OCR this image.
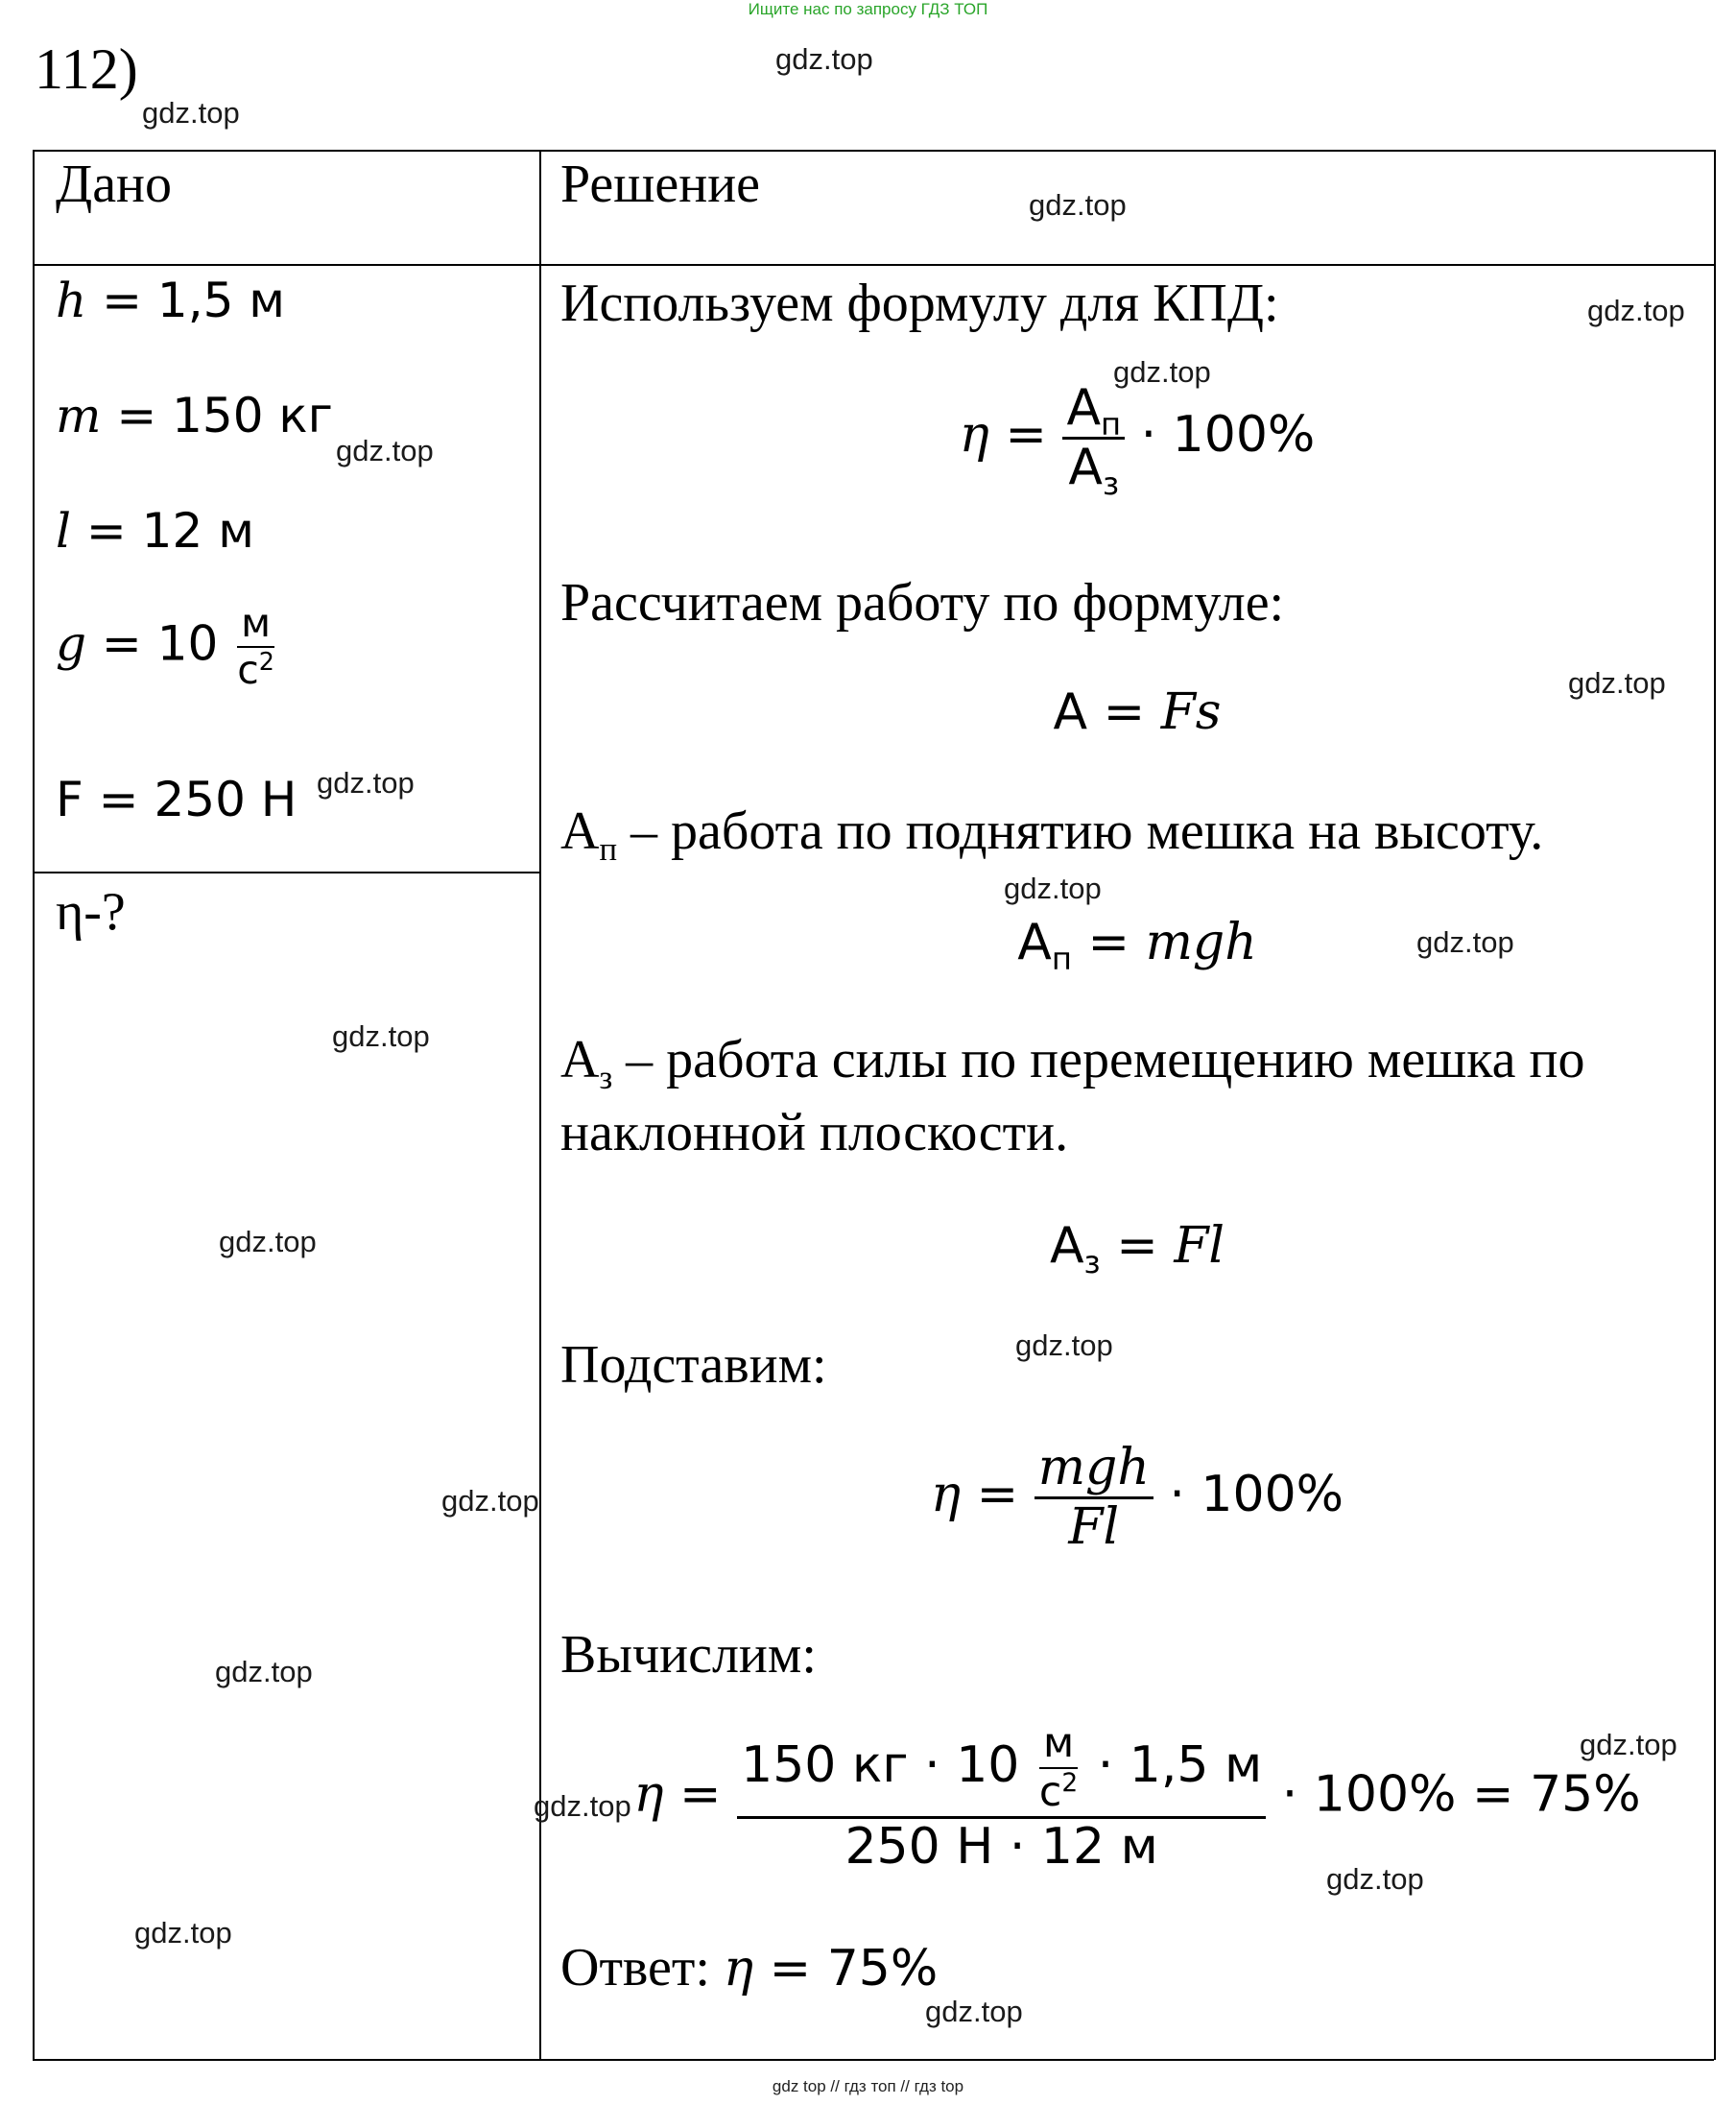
Ищите нас по запросу ГДЗ ТОП
112)
Дано	Решение
h = 1,5 м
m = 150 кг
l = 12 м
$g = 10 \frac{м}{с^2}$
F = 250 Н
η-?
Используем формулу для КПД:
$\eta = \frac{А_п}{А_з} \cdot 100\%$
Рассчитаем работу по формуле:
А = Fs
$А_п$ – работа по поднятию мешка на высоту.
$А_п$ = mgh
$А_з$ – работа силы по перемещению мешка по
наклонной плоскости.
$А_з = Fl$
Подставим:
$\eta = \frac{\text{mgh}}{Fl} \cdot 100\%$
Вычислим:
$\eta = \frac{150 кг \cdot 10 \frac{м}{с^2} \cdot 1,5 м}{250 Н \cdot 12 м} \cdot 100\% = 75\%$
Ответ: η = 75%
gdz.top
gdz.top
gdz.top
gdz.top
gdz.top
gdz.top
gdz.top
gdz.top
gdz.top
gdz.top
gdz.top
gdz.top
gdz.top
gdz.top
gdz.top
gdz.top
gdz.top
gdz.top
gdz.top
gdz.top
gdz top // гдз топ // гдз top
